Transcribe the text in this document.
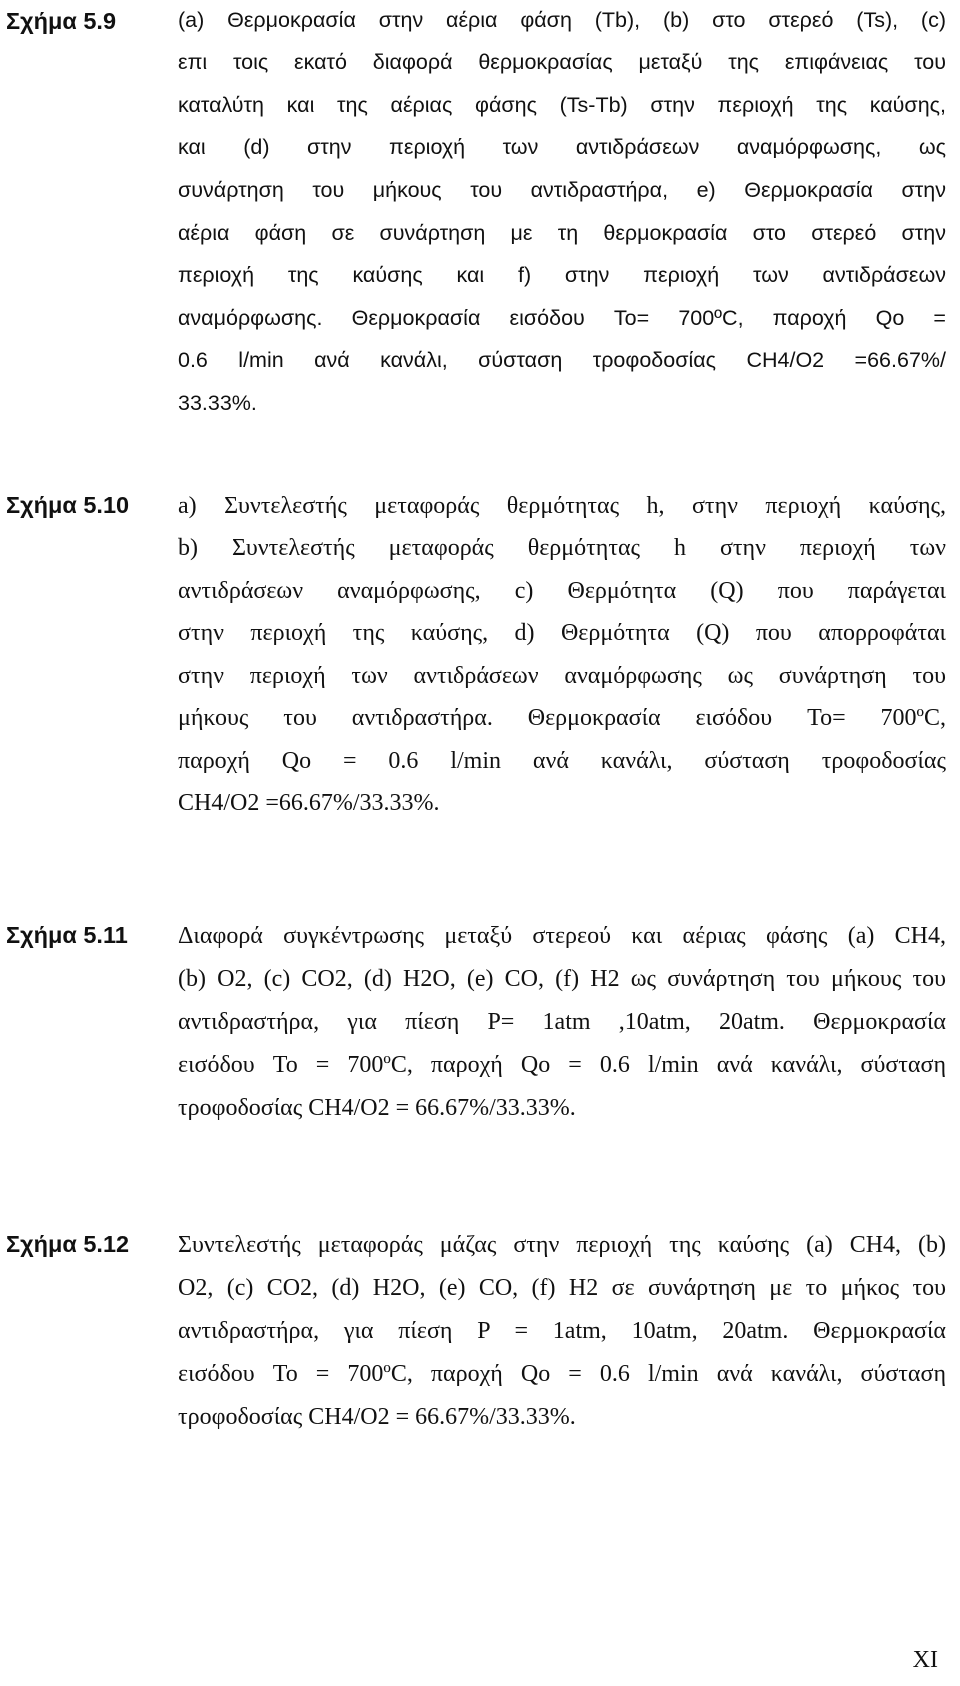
Σχήμα 5.9	(a) Θερμοκρασία στην αέρια φάση (Tb), (b) στο στερεό (Ts), (c)
επι τοις εκατό διαφορά θερμοκρασίας μεταξύ της επιφάνειας του
καταλύτη και της αέριας φάσης (Ts-Tb) στην περιοχή της καύσης,
και (d) στην περιοχή των αντιδράσεων αναμόρφωσης, ως
συνάρτηση του μήκους του αντιδραστήρα, e) Θερμοκρασία στην
αέρια φάση σε συνάρτηση με τη θερμοκρασία στο στερεό στην
περιοχή της καύσης και f) στην περιοχή των αντιδράσεων
αναμόρφωσης. Θερμοκρασία εισόδου To= 700ºC, παροχή Qo =
0.6 l/min ανά κανάλι, σύσταση τροφοδοσίας CH4/O2 =66.67%/
33.33%.
Σχήμα 5.10 a) Συντελεστής μεταφοράς θερμότητας h, στην περιοχή καύσης,
b) Συντελεστής μεταφοράς θερμότητας h στην περιοχή των
αντιδράσεων αναμόρφωσης, c) Θερμότητα (Q) που παράγεται
στην περιοχή της καύσης, d) Θερμότητα (Q) που απορροφάται
στην περιοχή των αντιδράσεων αναμόρφωσης ως συνάρτηση του
μήκους του αντιδραστήρα. Θερμοκρασία εισόδου To= 700ºC,
παροχή Qo = 0.6 l/min ανά κανάλι, σύσταση τροφοδοσίας
CH4/O2 =66.67%/33.33%.
Σχήμα 5.11 Διαφορά συγκέντρωσης μεταξύ στερεού και αέριας φάσης (a) CH4,
(b) O2, (c) CO2, (d) H2O, (e) CO, (f) H2 ως συνάρτηση του μήκους του
αντιδραστήρα, για πίεση P= 1atm ,10atm, 20atm. Θερμοκρασία
εισόδου To = 700ºC, παροχή Qo = 0.6 l/min ανά κανάλι, σύσταση
τροφοδοσίας CH4/O2 = 66.67%/33.33%.
Σχήμα 5.12 Συντελεστής μεταφοράς μάζας στην περιοχή της καύσης (a) CH4, (b)
O2, (c) CO2, (d) H2O, (e) CO, (f) H2 σε συνάρτηση με το μήκος του
αντιδραστήρα, για πίεση P = 1atm, 10atm, 20atm. Θερμοκρασία
εισόδου To = 700ºC, παροχή Qo = 0.6 l/min ανά κανάλι, σύσταση
τροφοδοσίας CH4/O2 = 66.67%/33.33%.
XI
